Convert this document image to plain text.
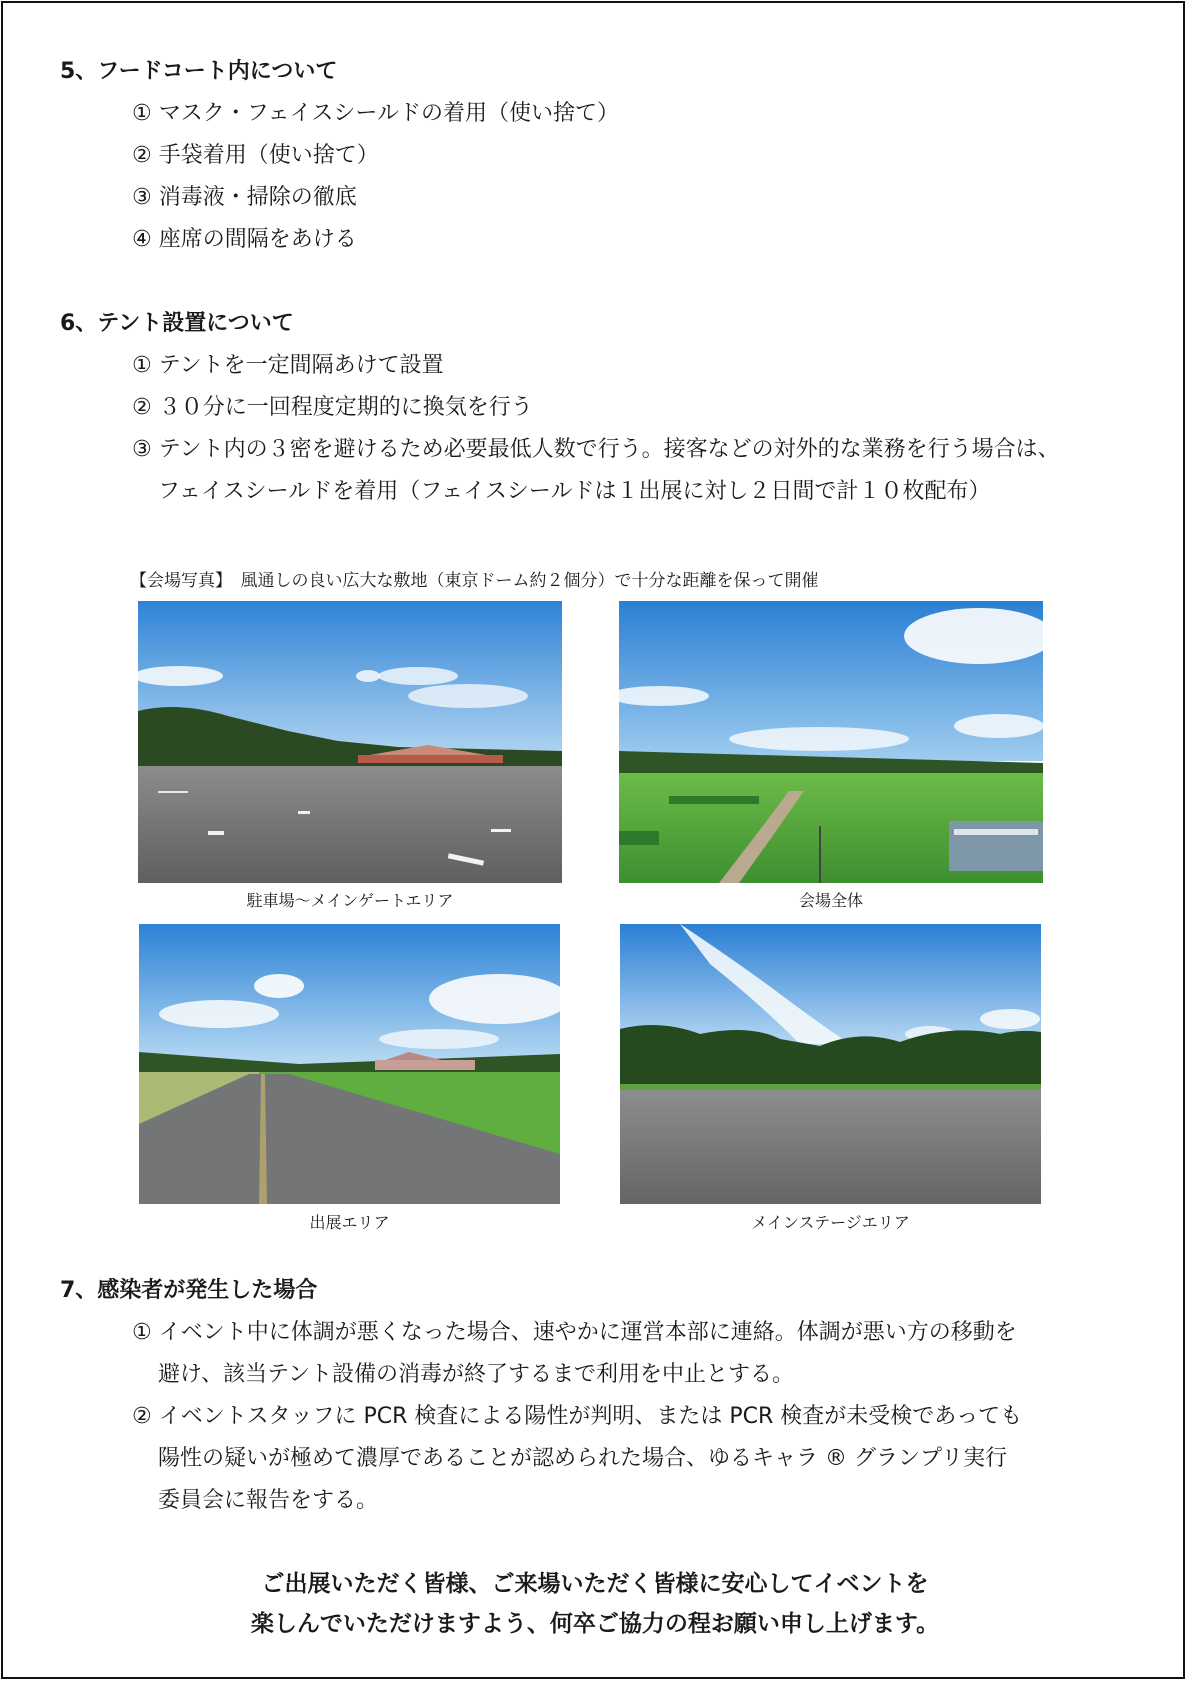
5、フードコート内について
① マスク・フェイスシールドの着用（使い捨て）
② 手袋着用（使い捨て）
③ 消毒液・掃除の徹底
④ 座席の間隔をあける
6、テント設置について
① テントを一定間隔あけて設置
② ３０分に一回程度定期的に換気を行う
③ テント内の３密を避けるため必要最低人数で行う。接客などの対外的な業務を行う場合は、
フェイスシールドを着用（フェイスシールドは１出展に対し２日間で計１０枚配布）
【会場写真】　風通しの良い広大な敷地（東京ドーム約２個分）で十分な距離を保って開催
駐車場～メインゲートエリア	会場全体
出展エリア	メインステージエリア
7、感染者が発生した場合
① イベント中に体調が悪くなった場合、速やかに運営本部に連絡。体調が悪い方の移動を
避け、該当テント設備の消毒が終了するまで利用を中止とする。
② イベントスタッフに PCR 検査による陽性が判明、または PCR 検査が未受検であっても
陽性の疑いが極めて濃厚であることが認められた場合、ゆるキャラ ® グランプリ実行
委員会に報告をする。
ご出展いただく皆様、ご来場いただく皆様に安心してイベントを
楽しんでいただけますよう、何卒ご協力の程お願い申し上げます。
